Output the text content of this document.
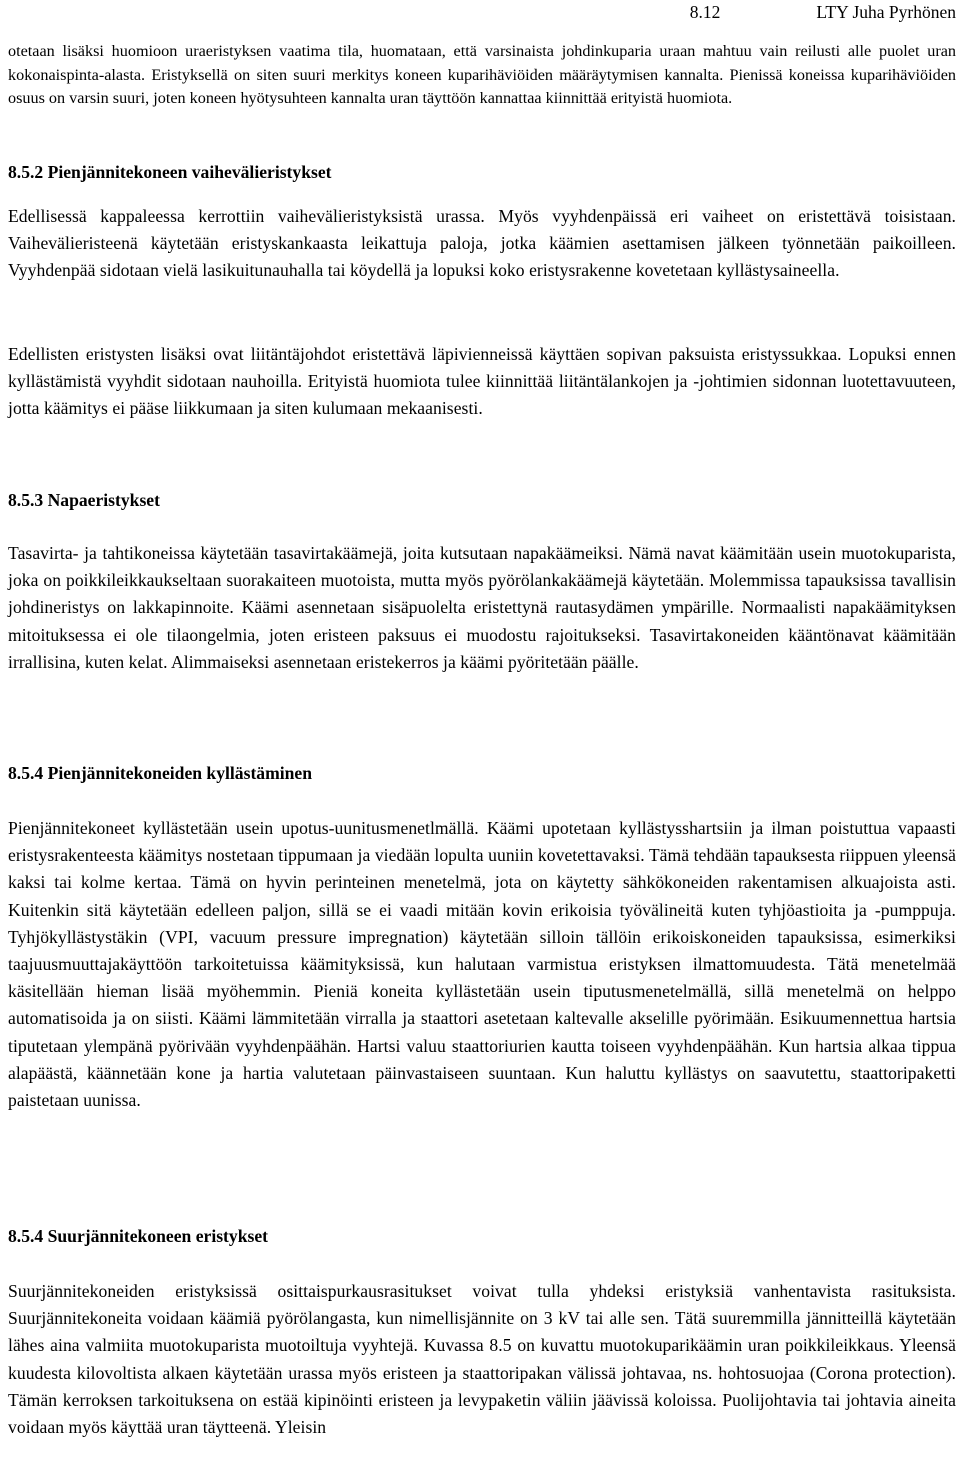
8.12	LTY Juha Pyrhönen

otetaan lisäksi huomioon uraeristyksen vaatima tila, huomataan, että varsinaista johdinkuparia uraan mahtuu vain reilusti alle puolet uran kokonaispinta-alasta. Eristyksellä on siten suuri merkitys koneen kuparihäviöiden määräytymisen kannalta. Pienissä koneissa kuparihäviöiden osuus on varsin suuri, joten koneen hyötysuhteen kannalta uran täyttöön kannattaa kiinnittää erityistä huomiota.

8.5.2 Pienjännitekoneen vaihevälieristykset

Edellisessä kappaleessa kerrottiin vaihevälieristyksistä urassa. Myös vyyhdenpäissä eri vaiheet on eristettävä toisistaan. Vaihevälieristeenä käytetään eristyskankaasta leikattuja paloja, jotka käämien asettamisen jälkeen työnnetään paikoilleen. Vyyhdenpää sidotaan vielä lasikuitunauhalla tai köydellä ja lopuksi koko eristysrakenne kovetetaan kyllästysaineella.

Edellisten eristysten lisäksi ovat liitäntäjohdot eristettävä läpivienneissä käyttäen sopivan paksuista eristyssukkaa. Lopuksi ennen kyllästämistä vyyhdit sidotaan nauhoilla. Erityistä huomiota tulee kiinnittää liitäntälankojen ja -johtimien sidonnan luotettavuuteen, jotta käämitys ei pääse liikkumaan ja siten kulumaan mekaanisesti.

8.5.3 Napaeristykset

Tasavirta- ja tahtikoneissa käytetään tasavirtakäämejä, joita kutsutaan napakäämeiksi. Nämä navat käämitään usein muotokuparista, joka on poikkileikkaukseltaan suorakaiteen muotoista, mutta myös pyörölankakäämejä käytetään. Molemmissa tapauksissa tavallisin johdineristys on lakkapinnoite. Käämi asennetaan sisäpuolelta eristettynä rautasydämen ympärille. Normaalisti napakäämityksen mitoituksessa ei ole tilaongelmia, joten eristeen paksuus ei muodostu rajoitukseksi. Tasavirtakoneiden kääntönavat käämitään irrallisina, kuten kelat. Alimmaiseksi asennetaan eristekerros ja käämi pyöritetään päälle.

8.5.4 Pienjännitekoneiden kyllästäminen

Pienjännitekoneet kyllästetään usein upotus-uunitusmenetlmällä. Käämi upotetaan kyllästysshartsiin ja ilman poistuttua vapaasti eristysrakenteesta käämitys nostetaan tippumaan ja viedään lopulta uuniin kovetettavaksi. Tämä tehdään tapauksesta riippuen yleensä kaksi tai kolme kertaa. Tämä on hyvin perinteinen menetelmä, jota on käytetty sähkökoneiden rakentamisen alkuajoista asti. Kuitenkin sitä käytetään edelleen paljon, sillä se ei vaadi mitään kovin erikoisia työvälineitä kuten tyhjöastioita ja -pumppuja. Tyhjökyllästystäkin (VPI, vacuum pressure impregnation) käytetään silloin tällöin erikoiskoneiden tapauksissa, esimerkiksi taajuusmuuttajakäyttöön tarkoitetuissa käämityksissä, kun halutaan varmistua eristyksen ilmattomuudesta. Tätä menetelmää käsitellään hieman lisää myöhemmin. Pieniä koneita kyllästetään usein tiputusmenetelmällä, sillä menetelmä on helppo automatisoida ja on siisti. Käämi lämmitetään virralla ja staattori asetetaan kaltevalle akselille pyörimään. Esikuumennettua hartsia tiputetaan ylempänä pyörivään vyyhdenpäähän. Hartsi valuu staattoriurien kautta toiseen vyyhdenpäähän. Kun hartsia alkaa tippua alapäästä, käännetään kone ja hartia valutetaan päinvastaiseen suuntaan. Kun haluttu kyllästys on saavutettu, staattoripaketti paistetaan uunissa.

8.5.4 Suurjännitekoneen eristykset

Suurjännitekoneiden eristyksissä osittaispurkausrasitukset voivat tulla yhdeksi eristyksiä vanhentavista rasituksista. Suurjännitekoneita voidaan käämiä pyörölangasta, kun nimellisjännite on 3 kV tai alle sen. Tätä suuremmilla jännitteillä käytetään lähes aina valmiita muotokuparista muotoiltuja vyyhtejä. Kuvassa 8.5 on kuvattu muotokuparikäämin uran poikkileikkaus. Yleensä kuudesta kilovoltista alkaen käytetään urassa myös eristeen ja staattoripakan välissä johtavaa, ns. hohtosuojaa (Corona protection). Tämän kerroksen tarkoituksena on estää kipinöinti eristeen ja levypaketin väliin jäävissä koloissa. Puolijohtavia tai johtavia aineita voidaan myös käyttää uran täytteenä. Yleisin
